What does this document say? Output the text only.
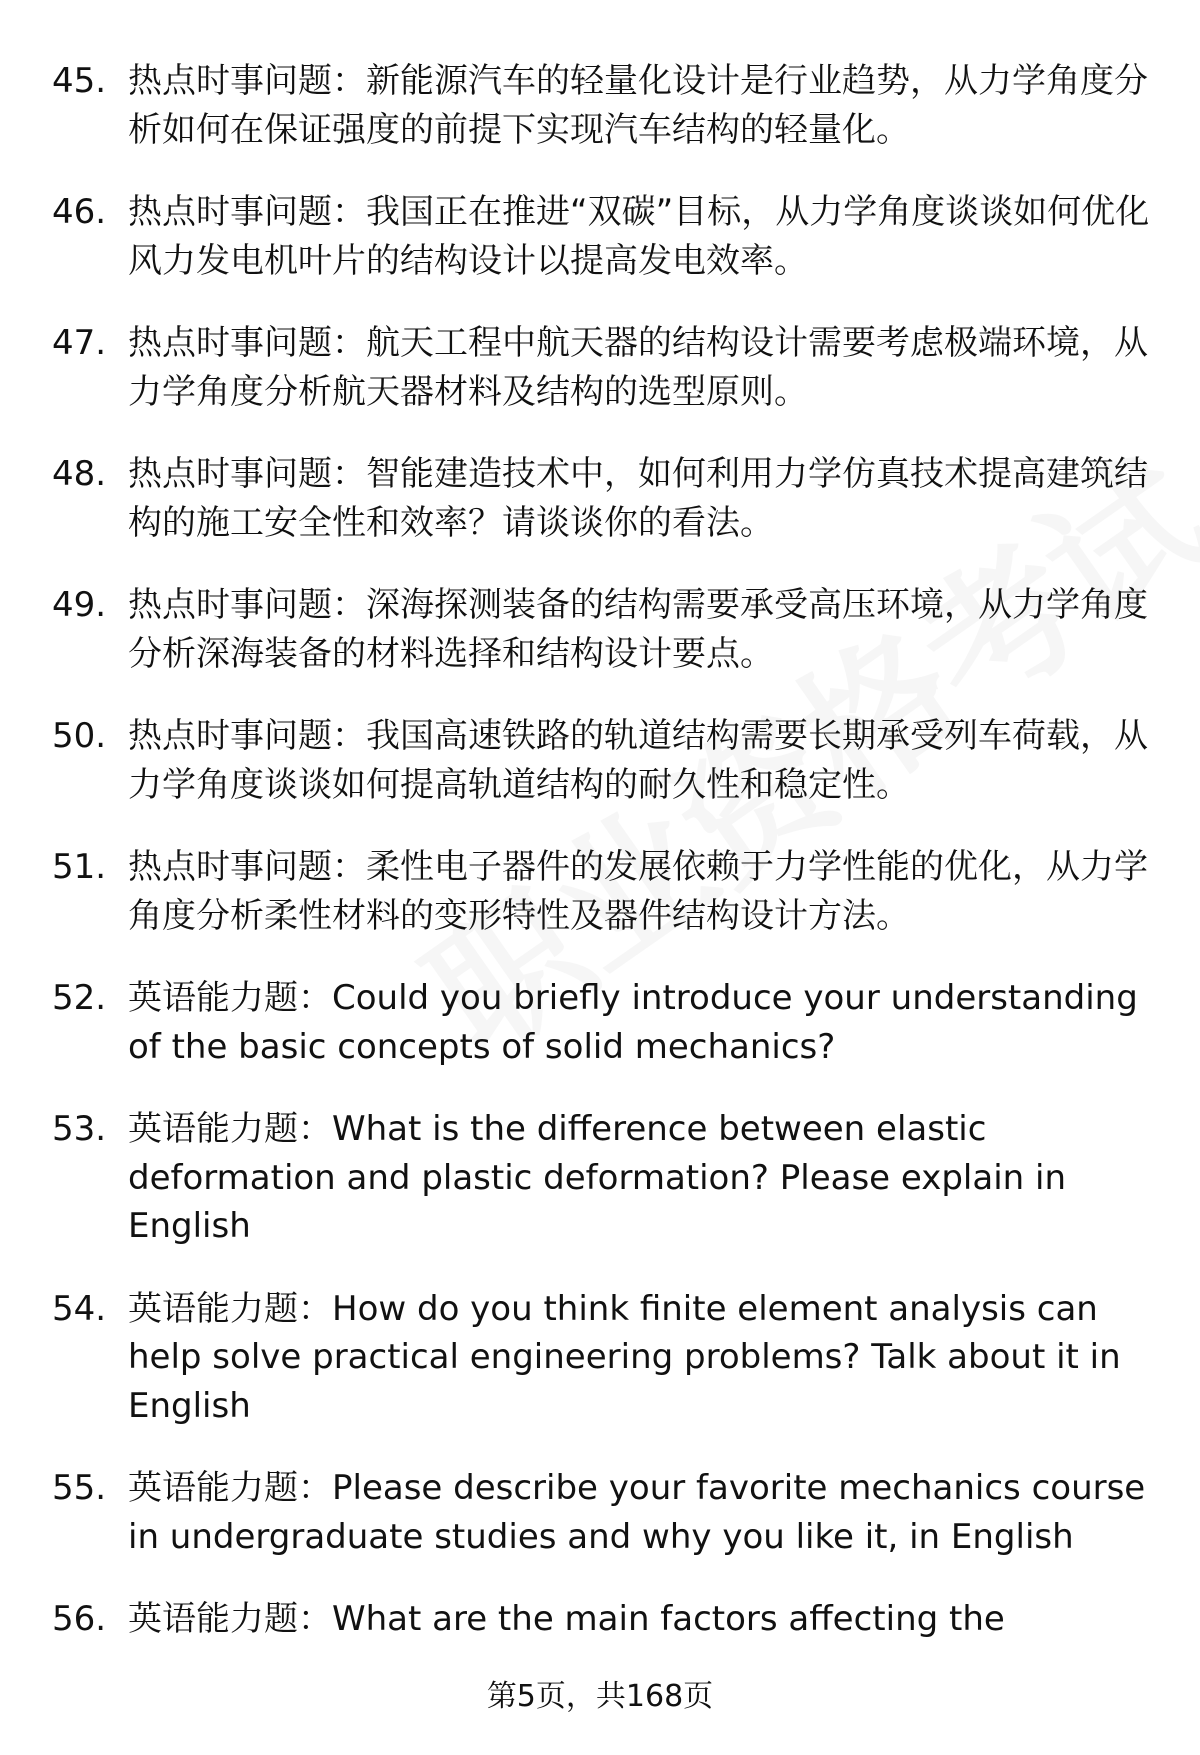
45. 热点时事问题：新能源汽车的轻量化设计是行业趋势，从力学角度分析如何在保证强度的前提下实现汽车结构的轻量化。
46. 热点时事问题：我国正在推进“双碳”目标，从力学角度谈谈如何优化风力发电机叶片的结构设计以提高发电效率。
47. 热点时事问题：航天工程中航天器的结构设计需要考虑极端环境，从力学角度分析航天器材料及结构的选型原则。
48. 热点时事问题：智能建造技术中，如何利用力学仿真技术提高建筑结构的施工安全性和效率？请谈谈你的看法。
49. 热点时事问题：深海探测装备的结构需要承受高压环境，从力学角度分析深海装备的材料选择和结构设计要点。
50. 热点时事问题：我国高速铁路的轨道结构需要长期承受列车荷载，从力学角度谈谈如何提高轨道结构的耐久性和稳定性。
51. 热点时事问题：柔性电子器件的发展依赖于力学性能的优化，从力学角度分析柔性材料的变形特性及器件结构设计方法。
52. 英语能力题：Could you briefly introduce your understanding of the basic concepts of solid mechanics?
53. 英语能力题：What is the difference between elastic deformation and plastic deformation? Please explain in English
54. 英语能力题：How do you think finite element analysis can help solve practical engineering problems? Talk about it in English
55. 英语能力题：Please describe your favorite mechanics course in undergraduate studies and why you like it, in English
56. 英语能力题：What are the main factors affecting the
第5页，共168页
